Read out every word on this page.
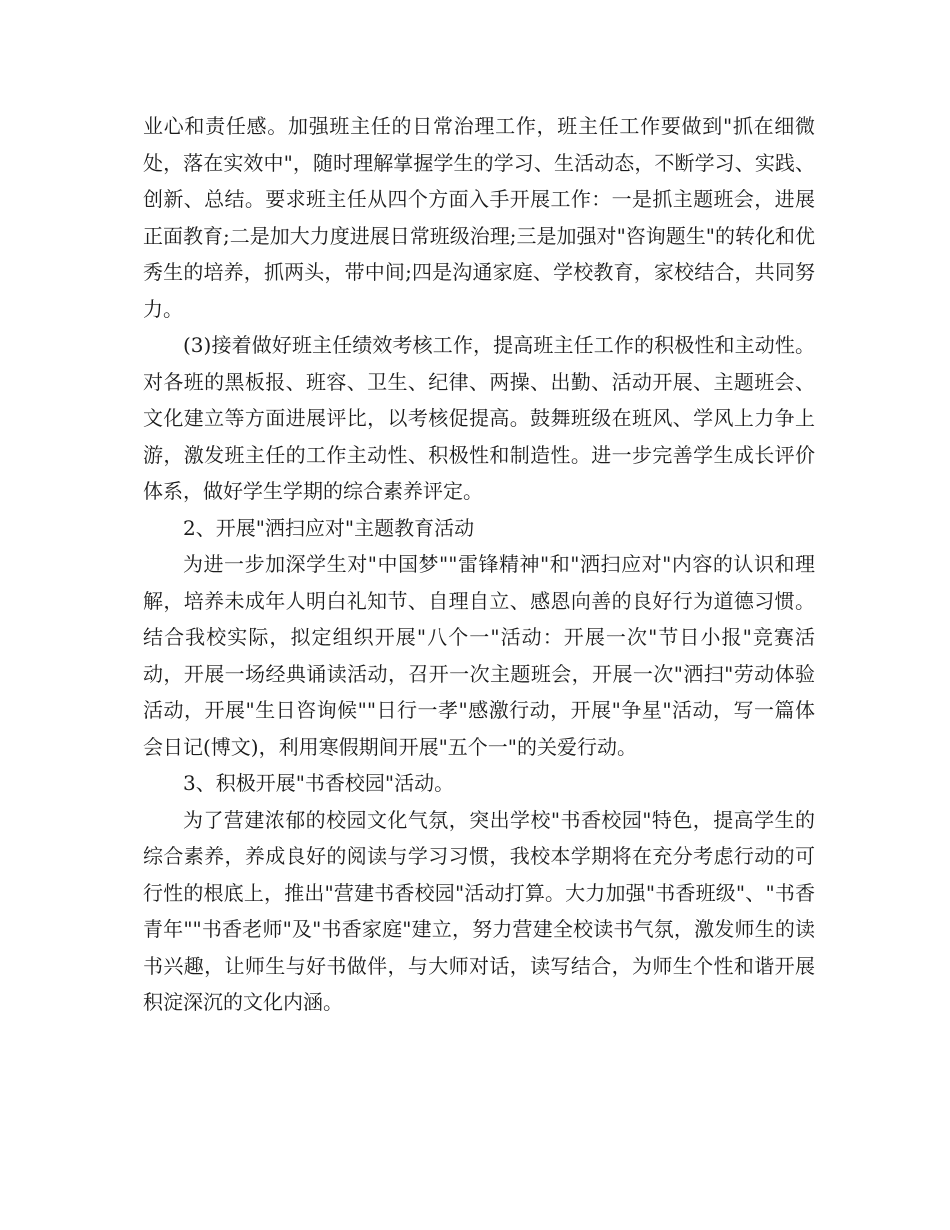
业心和责任感。加强班主任的日常治理工作，班主任工作要做到"抓在细微处，落在实效中"，随时理解掌握学生的学习、生活动态，不断学习、实践、创新、总结。要求班主任从四个方面入手开展工作：一是抓主题班会，进展正面教育;二是加大力度进展日常班级治理;三是加强对"咨询题生"的转化和优秀生的培养，抓两头，带中间;四是沟通家庭、学校教育，家校结合，共同努力。

(3)接着做好班主任绩效考核工作，提高班主任工作的积极性和主动性。对各班的黑板报、班容、卫生、纪律、两操、出勤、活动开展、主题班会、文化建立等方面进展评比，以考核促提高。鼓舞班级在班风、学风上力争上游，激发班主任的工作主动性、积极性和制造性。进一步完善学生成长评价体系，做好学生学期的综合素养评定。

2、开展"洒扫应对"主题教育活动

为进一步加深学生对"中国梦""雷锋精神"和"洒扫应对"内容的认识和理解，培养未成年人明白礼知节、自理自立、感恩向善的良好行为道德习惯。结合我校实际，拟定组织开展"八个一"活动：开展一次"节日小报"竞赛活动，开展一场经典诵读活动，召开一次主题班会，开展一次"洒扫"劳动体验活动，开展"生日咨询候""日行一孝"感激行动，开展"争星"活动，写一篇体会日记(博文)，利用寒假期间开展"五个一"的关爱行动。

3、积极开展"书香校园"活动。

为了营建浓郁的校园文化气氛，突出学校"书香校园"特色，提高学生的综合素养，养成良好的阅读与学习习惯，我校本学期将在充分考虑行动的可行性的根底上，推出"营建书香校园"活动打算。大力加强"书香班级"、"书香青年""书香老师"及"书香家庭"建立，努力营建全校读书气氛，激发师生的读书兴趣，让师生与好书做伴，与大师对话，读写结合，为师生个性和谐开展积淀深沉的文化内涵。
